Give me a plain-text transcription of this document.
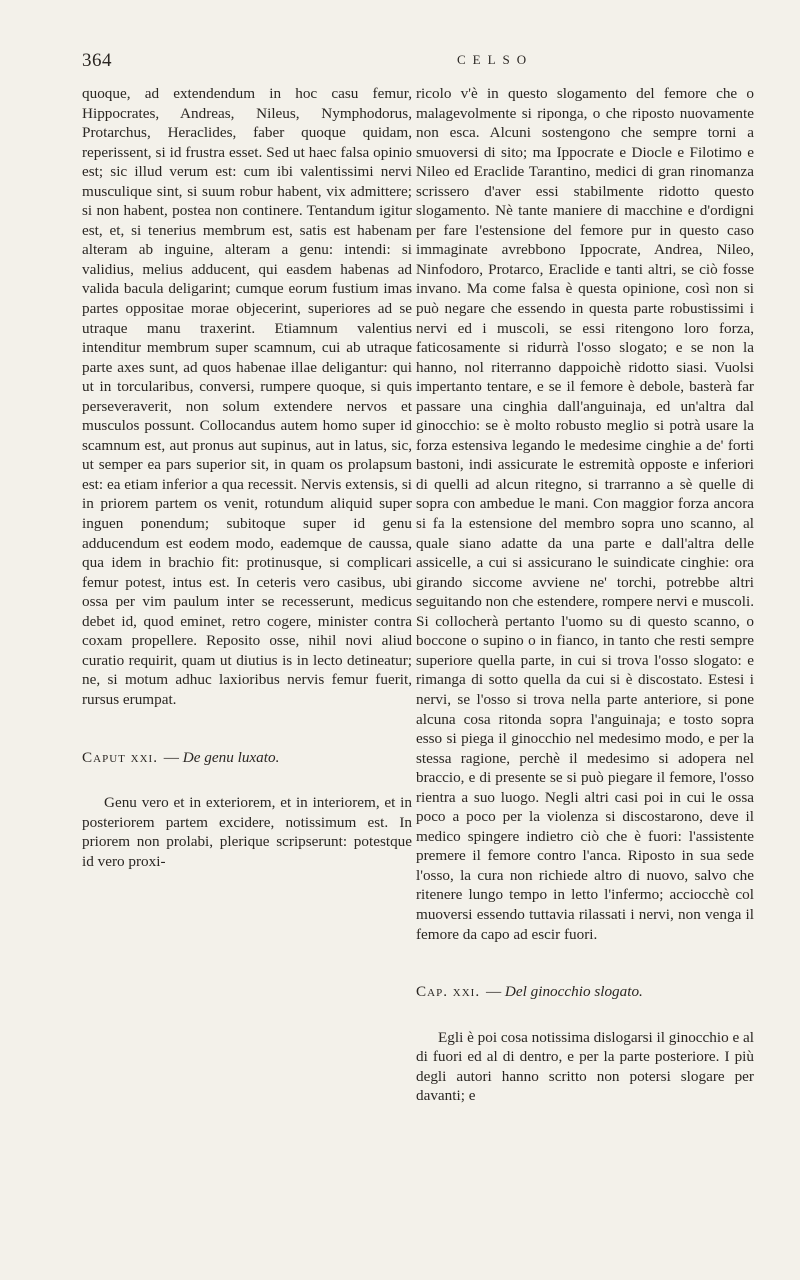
364	CELSO

quoque, ad extendendum in hoc casu femur, Hippocrates, Andreas, Nileus, Nymphodorus, Protarchus, Heraclides, faber quoque quidam, reperissent, si id frustra esset. Sed ut haec falsa opinio est; sic illud verum est: cum ibi valentissimi nervi musculique sint, si suum robur habent, vix admittere; si non habent, postea non continere. Tentandum igitur est, et, si tenerius membrum est, satis est habenam alteram ab inguine, alteram a genu: intendi: si validius, melius adducent, qui easdem habenas ad valida bacula deligarint; cumque eorum fustium imas partes oppositae morae objecerint, superiores ad se utraque manu traxerint. Etiamnum valentius intenditur membrum super scamnum, cui ab utraque parte axes sunt, ad quos habenae illae deligantur: qui ut in torcularibus, conversi, rumpere quoque, si quis perseveraverit, non solum extendere nervos et musculos possunt. Collocandus autem homo super id scamnum est, aut pronus aut supinus, aut in latus, sic, ut semper ea pars superior sit, in quam os prolapsum est: ea etiam inferior a qua recessit. Nervis extensis, si in priorem partem os venit, rotundum aliquid super inguen ponendum; subitoque super id genu adducendum est eodem modo, eademque de caussa, qua idem in brachio fit: protinusque, si complicari femur potest, intus est. In ceteris vero casibus, ubi ossa per vim paulum inter se recesserunt, medicus debet id, quod eminet, retro cogere, minister contra coxam propellere. Reposito osse, nihil novi aliud curatio requirit, quam ut diutius is in lecto detineatur; ne, si motum adhuc laxioribus nervis femur fuerit, rursus erumpat.

Caput xxi. — De genu luxato.

Genu vero et in exteriorem, et in interiorem, et in posteriorem partem excidere, notissimum est. In priorem non prolabi, plerique scripserunt: potestque id vero proxi-

ricolo v'è in questo slogamento del femore che o malagevolmente si riponga, o che riposto nuovamente non esca. Alcuni sostengono che sempre torni a smuoversi di sito; ma Ippocrate e Diocle e Filotimo e Nileo ed Eraclide Tarantino, medici di gran rinomanza scrissero d'aver essi stabilmente ridotto questo slogamento. Nè tante maniere di macchine e d'ordigni per fare l'estensione del femore pur in questo caso immaginate avrebbono Ippocrate, Andrea, Nileo, Ninfodoro, Protarco, Eraclide e tanti altri, se ciò fosse invano. Ma come falsa è questa opinione, così non si può negare che essendo in questa parte robustissimi i nervi ed i muscoli, se essi ritengono loro forza, faticosamente si ridurrà l'osso slogato; e se non la hanno, nol riterranno dappoichè ridotto siasi. Vuolsi impertanto tentare, e se il femore è debole, basterà far passare una cinghia dall'anguinaja, ed un'altra dal ginocchio: se è molto robusto meglio si potrà usare la forza estensiva legando le medesime cinghie a de' forti bastoni, indi assicurate le estremità opposte e inferiori di quelli ad alcun ritegno, si trarranno a sè quelle di sopra con ambedue le mani. Con maggior forza ancora si fa la estensione del membro sopra uno scanno, al quale siano adatte da una parte e dall'altra delle assicelle, a cui si assicurano le suindicate cinghie: ora girando siccome avviene ne' torchi, potrebbe altri seguitando non che estendere, rompere nervi e muscoli. Si collocherà pertanto l'uomo su di questo scanno, o boccone o supino o in fianco, in tanto che resti sempre superiore quella parte, in cui si trova l'osso slogato: e rimanga di sotto quella da cui si è discostato. Estesi i nervi, se l'osso si trova nella parte anteriore, si pone alcuna cosa ritonda sopra l'anguinaja; e tosto sopra esso si piega il ginocchio nel medesimo modo, e per la stessa ragione, perchè il medesimo si adopera nel braccio, e di presente se si può piegare il femore, l'osso rientra a suo luogo. Negli altri casi poi in cui le ossa poco a poco per la violenza si discostarono, deve il medico spingere indietro ciò che è fuori: l'assistente premere il femore contro l'anca. Riposto in sua sede l'osso, la cura non richiede altro di nuovo, salvo che ritenere lungo tempo in letto l'infermo; acciocchè col muoversi essendo tuttavia rilassati i nervi, non venga il femore da capo ad escir fuori.

Cap. xxi. — Del ginocchio slogato.

Egli è poi cosa notissima dislogarsi il ginocchio e al di fuori ed al di dentro, e per la parte posteriore. I più degli autori hanno scritto non potersi slogare per davanti; e
